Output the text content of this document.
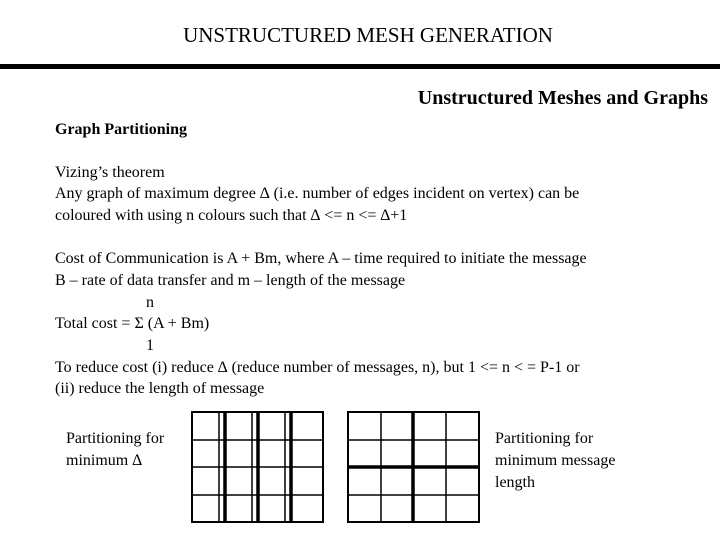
UNSTRUCTURED MESH GENERATION
Unstructured Meshes and Graphs
Graph Partitioning
Vizing’s theorem
Any graph of maximum degree ∆ (i.e. number of edges incident on vertex) can be
coloured with using n colours such that ∆ <= n <= ∆+1
Cost of Communication is A + Bm, where A – time required to initiate the message
B – rate of data transfer and m – length of the message
n
Total cost = Σ (A + Bm)
1
To reduce cost (i) reduce ∆ (reduce number of messages, n), but 1 <= n < = P-1 or
(ii) reduce the length of message
Partitioning for
minimum ∆
Partitioning for
minimum message
length
